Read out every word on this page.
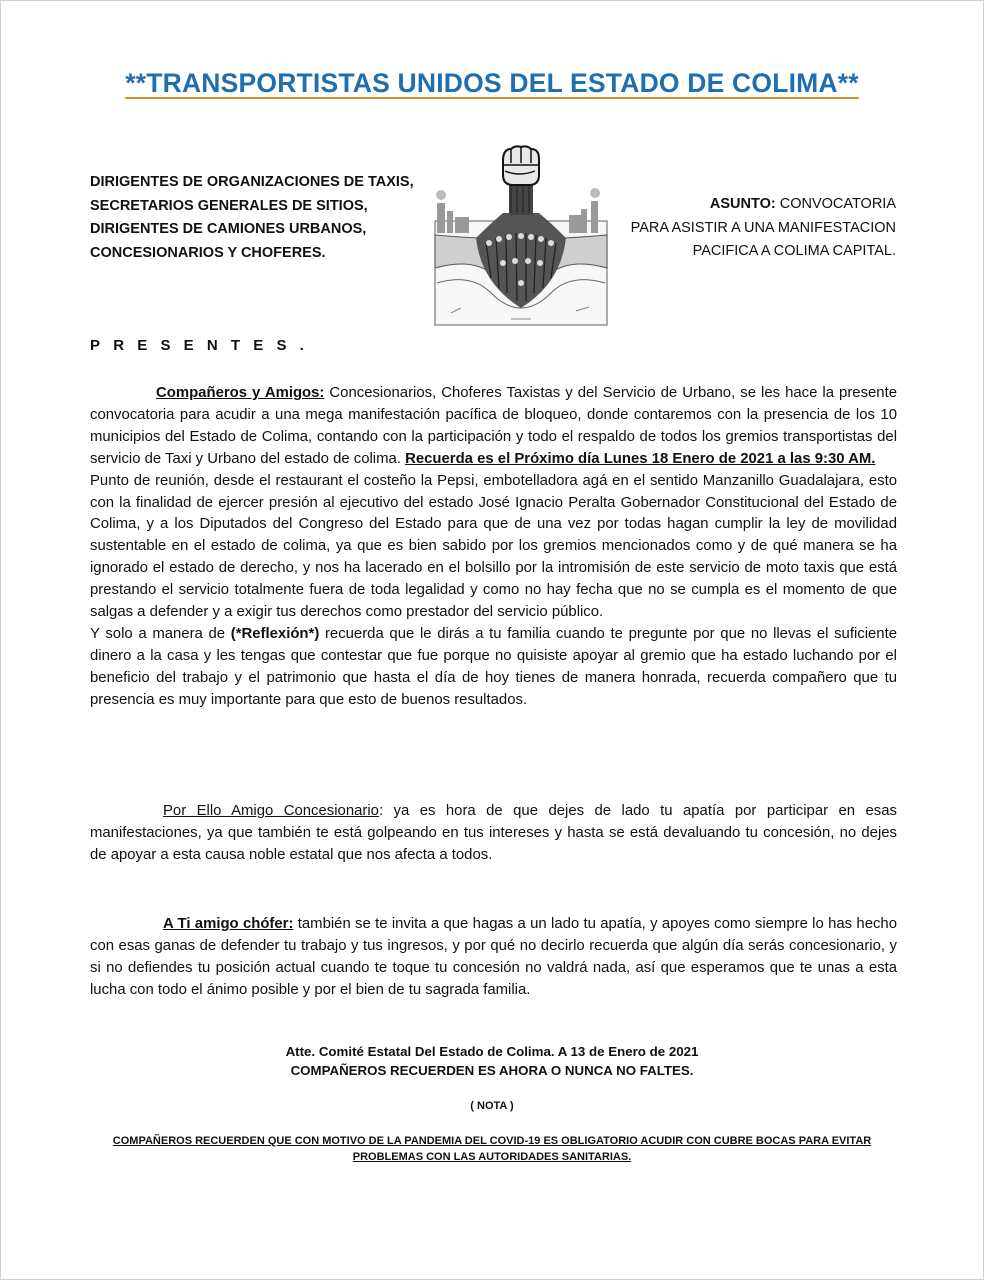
**TRANSPORTISTAS UNIDOS DEL ESTADO DE COLIMA**
DIRIGENTES DE ORGANIZACIONES DE TAXIS,
SECRETARIOS GENERALES DE SITIOS,
DIRIGENTES DE CAMIONES URBANOS,
CONCESIONARIOS Y CHOFERES.
ASUNTO: CONVOCATORIA
PARA ASISTIR A UNA MANIFESTACION
PACIFICA A COLIMA CAPITAL.
PRESENTES.

Compañeros y Amigos: Concesionarios, Choferes Taxistas y del Servicio de Urbano, se les hace la presente convocatoria para acudir a una mega manifestación pacífica de bloqueo, donde contaremos con la presencia de los 10 municipios del Estado de Colima, contando con la participación y todo el respaldo de todos los gremios transportistas del servicio de Taxi y Urbano del estado de colima. Recuerda es el Próximo día Lunes 18 Enero de 2021 a las 9:30 AM.

Punto de reunión, desde el restaurant el costeño la Pepsi, embotelladora agá en el sentido Manzanillo Guadalajara, esto con la finalidad de ejercer presión al ejecutivo del estado José Ignacio Peralta Gobernador Constitucional del Estado de Colima, y a los Diputados del Congreso del Estado para que de una vez por todas hagan cumplir la ley de movilidad sustentable en el estado de colima, ya que es bien sabido por los gremios mencionados como y de qué manera se ha ignorado el estado de derecho, y nos ha lacerado en el bolsillo por la intromisión de este servicio de moto taxis que está prestando el servicio totalmente fuera de toda legalidad y como no hay fecha que no se cumpla es el momento de que salgas a defender y a exigir tus derechos como prestador del servicio público.

Y solo a manera de (*Reflexión*) recuerda que le dirás a tu familia cuando te pregunte por que no llevas el suficiente dinero a la casa y les tengas que contestar que fue porque no quisiste apoyar al gremio que ha estado luchando por el beneficio del trabajo y el patrimonio que hasta el día de hoy tienes de manera honrada, recuerda compañero que tu presencia es muy importante para que esto de buenos resultados.

Por Ello Amigo Concesionario: ya es hora de que dejes de lado tu apatía por participar en esas manifestaciones, ya que también te está golpeando en tus intereses y hasta se está devaluando tu concesión, no dejes de apoyar a esta causa noble estatal que nos afecta a todos.

A Ti amigo chófer: también se te invita a que hagas a un lado tu apatía, y apoyes como siempre lo has hecho con esas ganas de defender tu trabajo y tus ingresos, y por qué no decirlo recuerda que algún día serás concesionario, y si no defiendes tu posición actual cuando te toque tu concesión no valdrá nada, así que esperamos que te unas a esta lucha con todo el ánimo posible y por el bien de tu sagrada familia.

Atte. Comité Estatal Del Estado de Colima. A 13 de Enero de 2021
COMPAÑEROS RECUERDEN ES AHORA O NUNCA NO FALTES.
( NOTA )
COMPAÑEROS RECUERDEN QUE CON MOTIVO DE LA PANDEMIA DEL COVID-19 ES OBLIGATORIO ACUDIR CON CUBRE BOCAS PARA EVITAR
PROBLEMAS CON LAS AUTORIDADES SANITARIAS.
